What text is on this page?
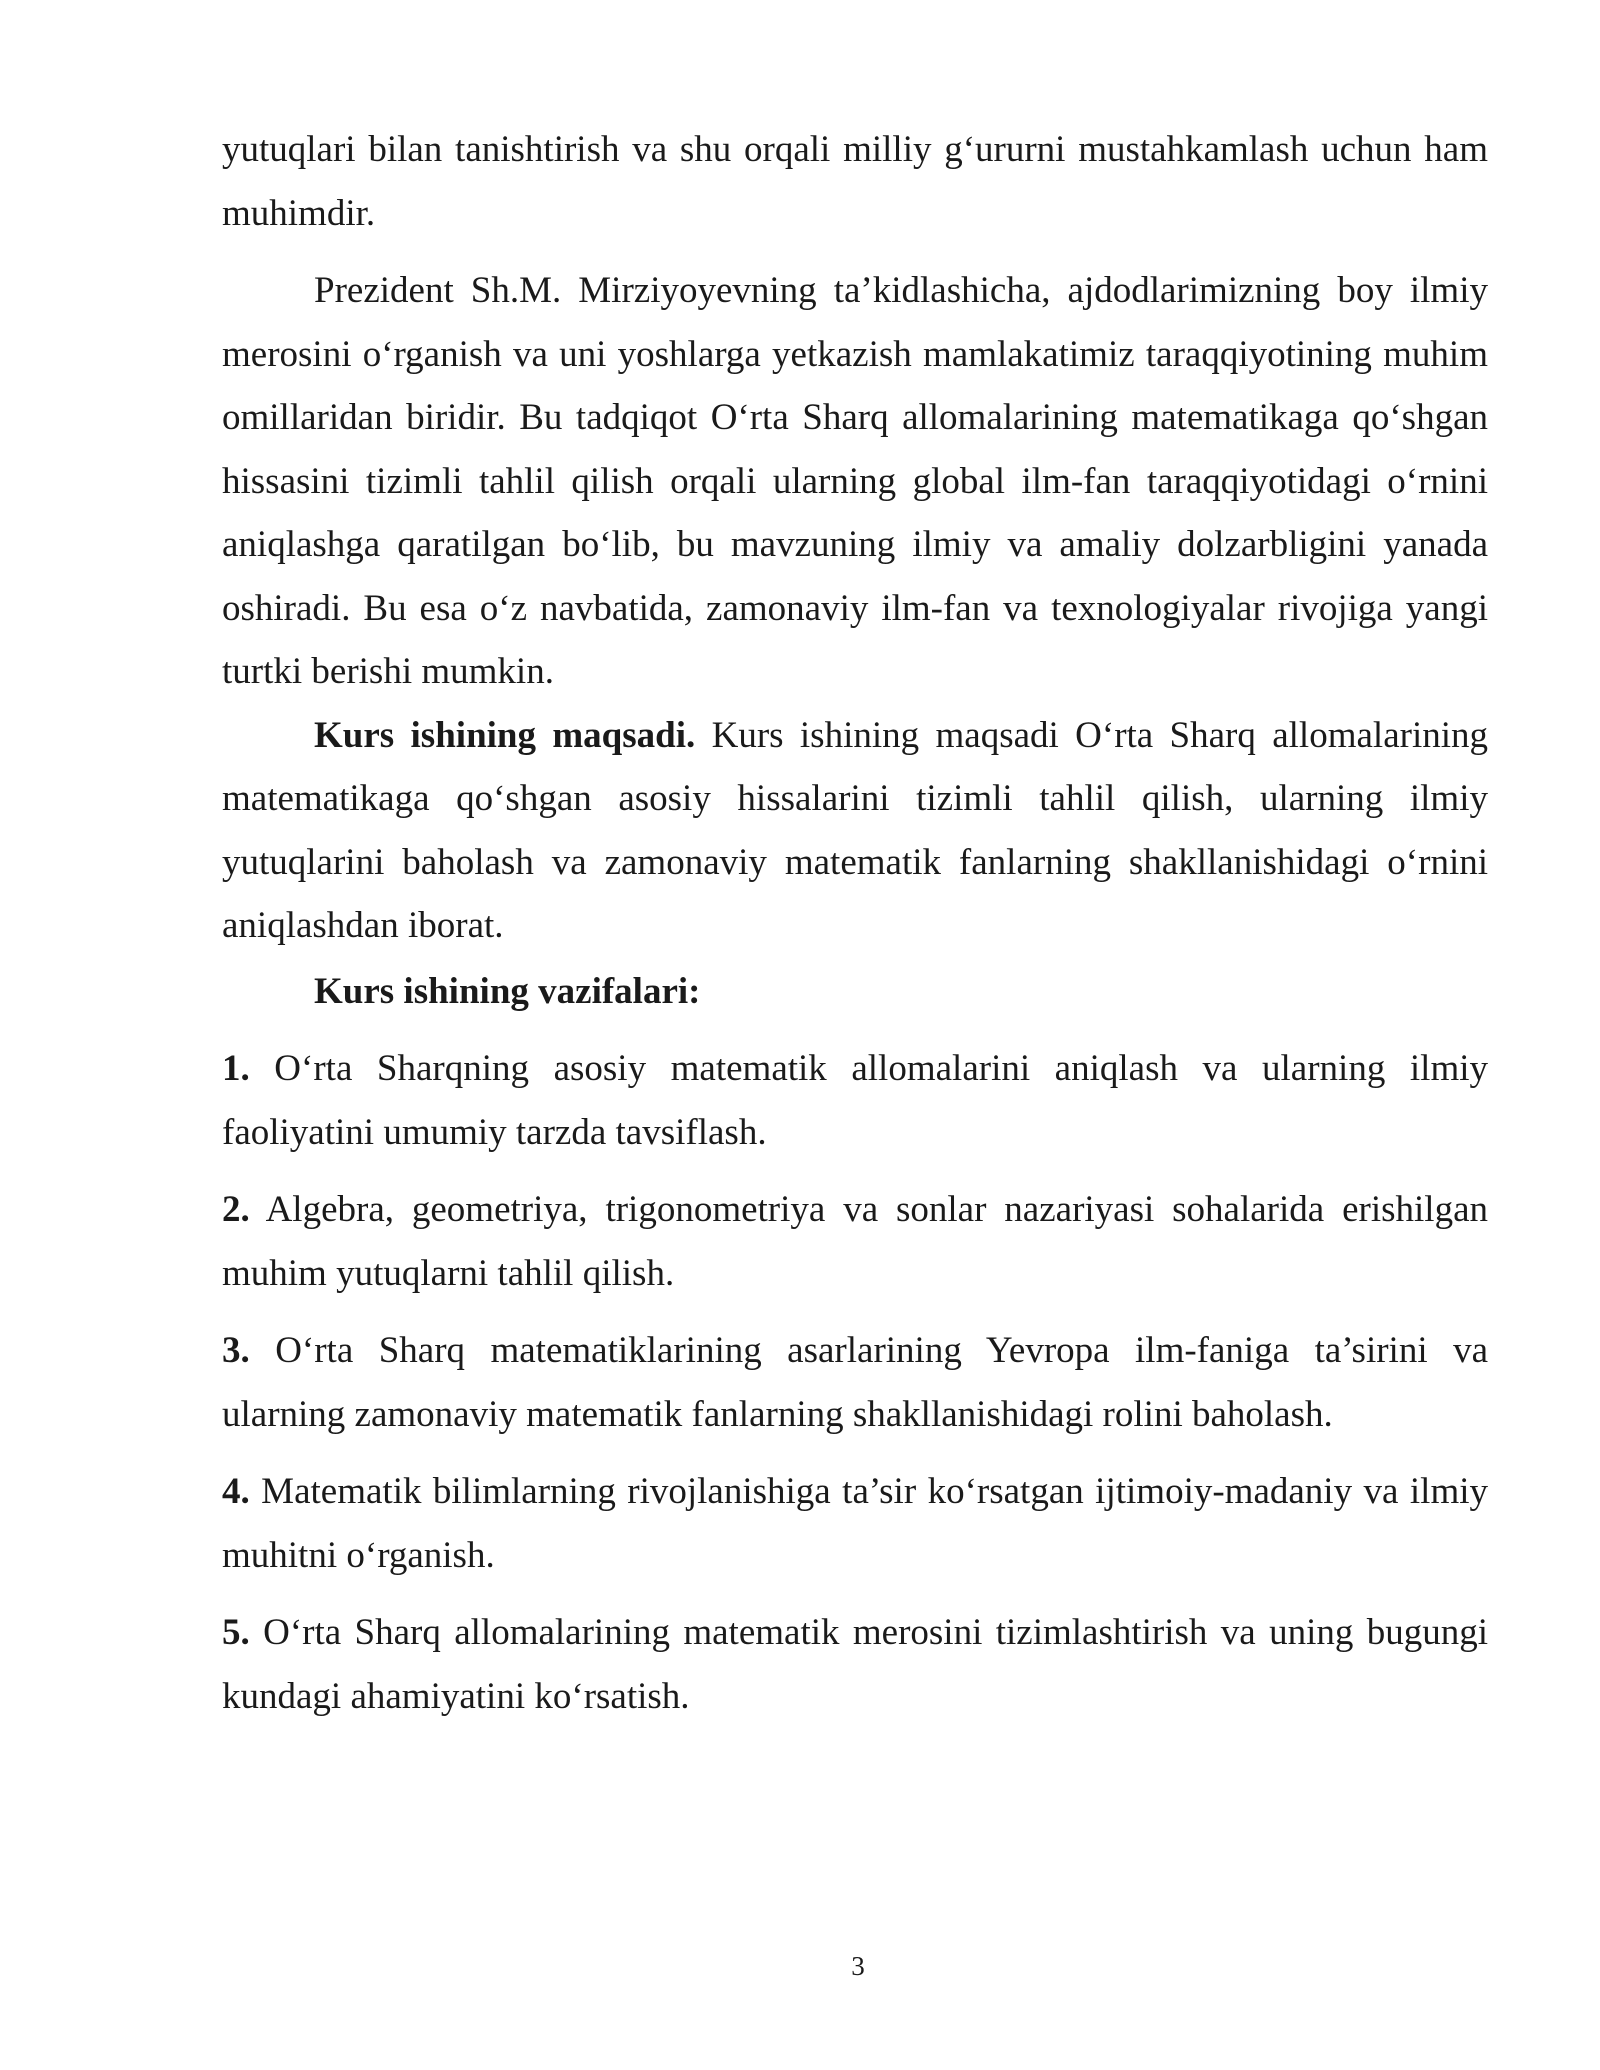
yutuqlari bilan tanishtirish va shu orqali milliy g‘ururni mustahkamlash uchun ham muhimdir.

Prezident Sh.M. Mirziyoyevning ta’kidlashicha, ajdodlarimizning boy ilmiy merosini o‘rganish va uni yoshlarga yetkazish mamlakatimiz taraqqiyotining muhim omillaridan biridir. Bu tadqiqot O‘rta Sharq allomalarining matematikaga qo‘shgan hissasini tizimli tahlil qilish orqali ularning global ilm-fan taraqqiyotidagi o‘rnini aniqlashga qaratilgan bo‘lib, bu mavzuning ilmiy va amaliy dolzarbligini yanada oshiradi. Bu esa o‘z navbatida, zamonaviy ilm-fan va texnologiyalar rivojiga yangi turtki berishi mumkin.

Kurs ishining maqsadi. Kurs ishining maqsadi O‘rta Sharq allomalarining matematikaga qo‘shgan asosiy hissalarini tizimli tahlil qilish, ularning ilmiy yutuqlarini baholash va zamonaviy matematik fanlarning shakllanishidagi o‘rnini aniqlashdan iborat.

Kurs ishining vazifalari:

1. O‘rta Sharqning asosiy matematik allomalarini aniqlash va ularning ilmiy faoliyatini umumiy tarzda tavsiflash.

2. Algebra, geometriya, trigonometriya va sonlar nazariyasi sohalarida erishilgan muhim yutuqlarni tahlil qilish.

3. O‘rta Sharq matematiklarining asarlarining Yevropa ilm-faniga ta’sirini va ularning zamonaviy matematik fanlarning shakllanishidagi rolini baholash.

4. Matematik bilimlarning rivojlanishiga ta’sir ko‘rsatgan ijtimoiy-madaniy va ilmiy muhitni o‘rganish.

5. O‘rta Sharq allomalarining matematik merosini tizimlashtirish va uning bugungi kundagi ahamiyatini ko‘rsatish.

3
